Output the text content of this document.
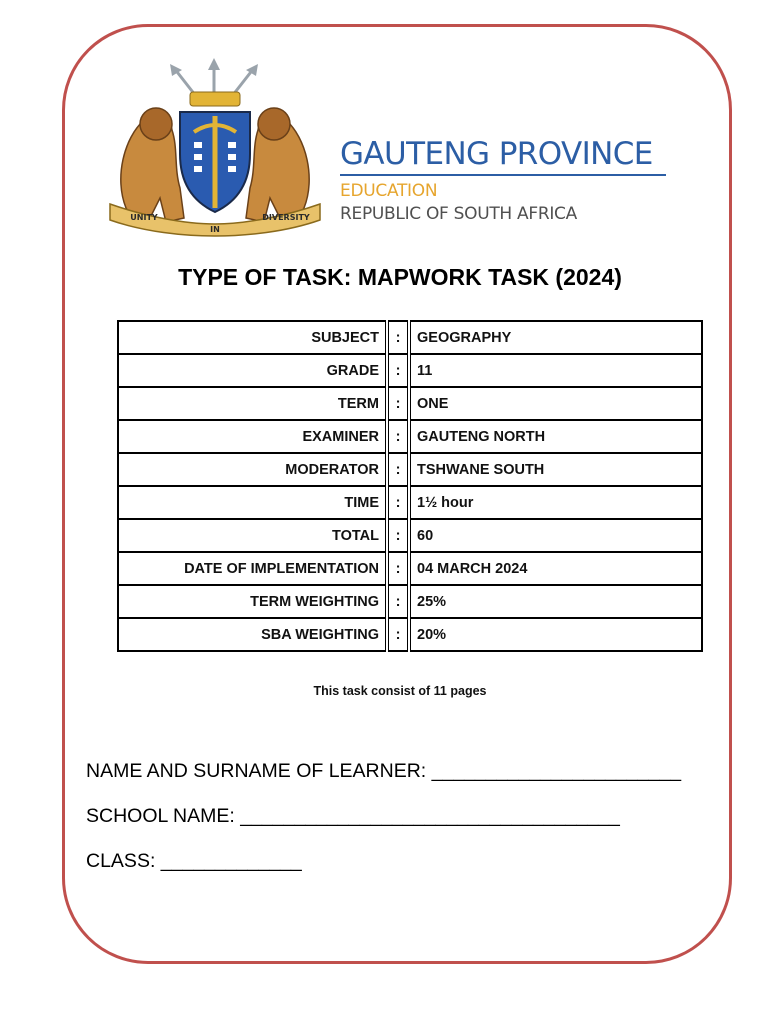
UNITY
IN
DIVERSITY
GAUTENG PROVINCE
EDUCATION
REPUBLIC OF SOUTH AFRICA
TYPE OF TASK: MAPWORK TASK (2024)
SUBJECT	:	GEOGRAPHY
GRADE	:	11
TERM	:	ONE
EXAMINER	:	GAUTENG NORTH
MODERATOR	:	TSHWANE SOUTH
TIME	:	1½ hour
TOTAL	:	60
DATE OF IMPLEMENTATION	:	04 MARCH 2024
TERM WEIGHTING	:	25%
SBA WEIGHTING	:	20%
This task consist of 11 pages
NAME AND SURNAME OF LEARNER: _______________________
SCHOOL NAME: ___________________________________
CLASS: _____________
